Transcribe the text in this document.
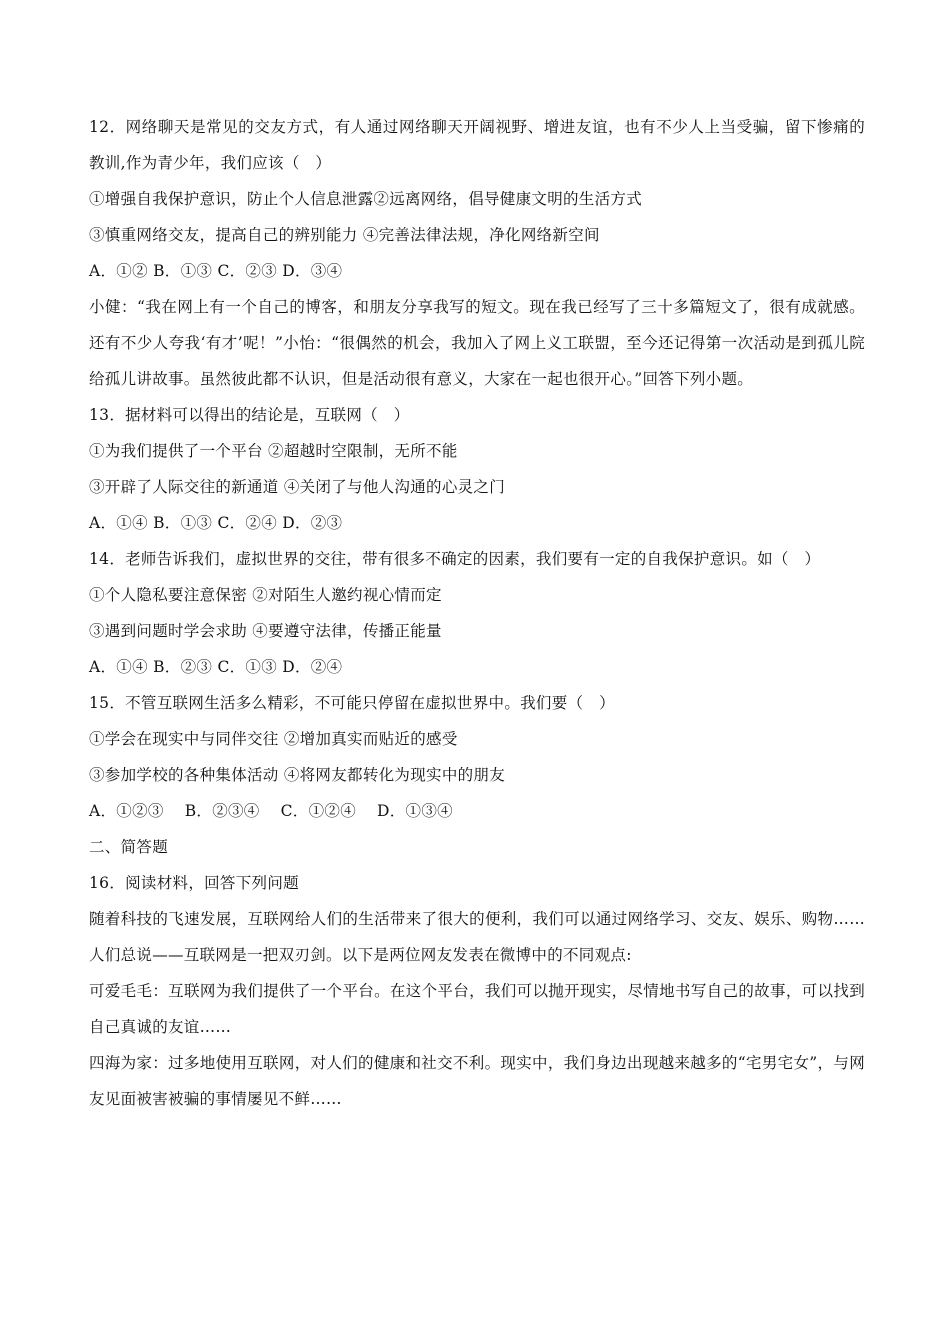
12．网络聊天是常见的交友方式，有人通过网络聊天开阔视野、增进友谊，也有不少人上当受骗，留下惨痛的教训,作为青少年，我们应该（　）

①增强自我保护意识，防止个人信息泄露②远离网络，倡导健康文明的生活方式

③慎重网络交友，提高自己的辨别能力 ④完善法律法规，净化网络新空间

A．①② B．①③ C．②③ D．③④

小健：“我在网上有一个自己的博客，和朋友分享我写的短文。现在我已经写了三十多篇短文了，很有成就感。还有不少人夸我‘有才’呢！”小怡：“很偶然的机会，我加入了网上义工联盟，至今还记得第一次活动是到孤儿院给孤儿讲故事。虽然彼此都不认识，但是活动很有意义，大家在一起也很开心。”回答下列小题。

13．据材料可以得出的结论是，互联网（　）

①为我们提供了一个平台 ②超越时空限制，无所不能

③开辟了人际交往的新通道 ④关闭了与他人沟通的心灵之门

A．①④ B．①③ C．②④ D．②③

14．老师告诉我们，虚拟世界的交往，带有很多不确定的因素，我们要有一定的自我保护意识。如（　）

①个人隐私要注意保密 ②对陌生人邀约视心情而定

③遇到问题时学会求助 ④要遵守法律，传播正能量

A．①④ B．②③ C．①③ D．②④

15．不管互联网生活多么精彩，不可能只停留在虚拟世界中。我们要（　）

①学会在现实中与同伴交往 ②增加真实而贴近的感受

③参加学校的各种集体活动 ④将网友都转化为现实中的朋友

A．①②③　 B．②③④　 C．①②④　 D．①③④

二、简答题

16．阅读材料，回答下列问题

随着科技的飞速发展，互联网给人们的生活带来了很大的便利，我们可以通过网络学习、交友、娱乐、购物……人们总说——互联网是一把双刃剑。以下是两位网友发表在微博中的不同观点:

可爱毛毛：互联网为我们提供了一个平台。在这个平台，我们可以抛开现实，尽情地书写自己的故事，可以找到自己真诚的友谊……

四海为家：过多地使用互联网，对人们的健康和社交不利。现实中，我们身边出现越来越多的“宅男宅女”，与网友见面被害被骗的事情屡见不鲜……
